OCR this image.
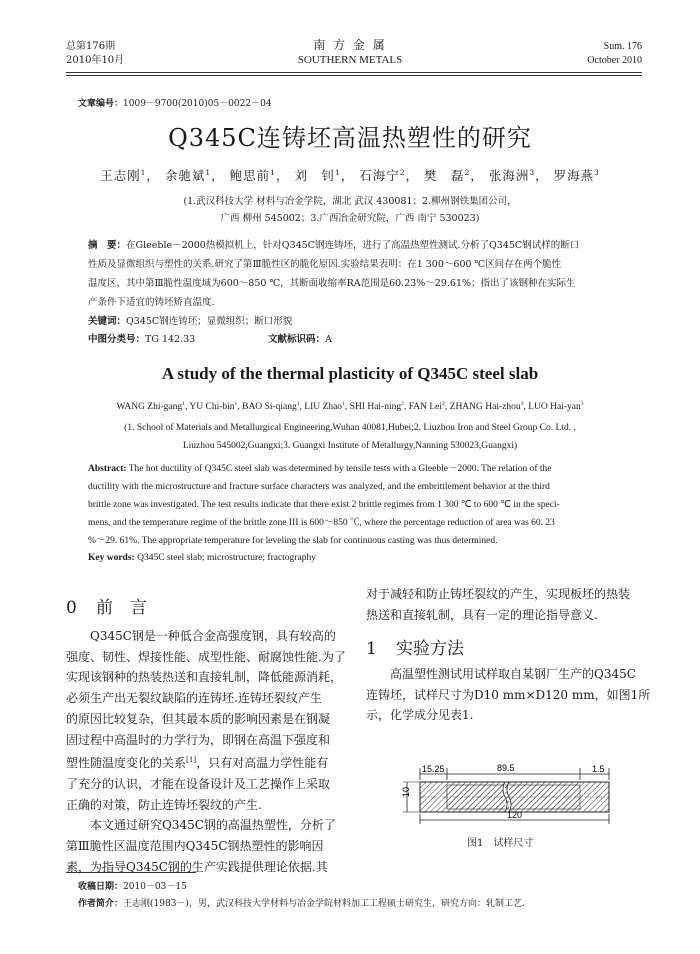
总第176期
2010年10月
南 方 金 属
SOUTHERN METALS
Sum. 176
October 2010
文章编号：1009－9700(2010)05－0022－04
Q345C连铸坯高温热塑性的研究
王志刚$^1$， 余驰斌$^1$， 鲍思前$^1$， 刘　钊$^1$， 石海宁$^2$， 樊　磊$^2$， 张海洲$^3$， 罗海燕$^3$
(1.武汉科技大学 材料与冶金学院，湖北 武汉 430081；2.柳州钢铁集团公司，
广西 柳州 545002；3.广西冶金研究院，广西 南宁 530023)
摘　要：在Gleeble－2000热模拟机上，针对Q345C钢连铸坯，进行了高温热塑性测试.分析了Q345C钢试样的断口
性质及显微组织与塑性的关系.研究了第Ⅲ脆性区的脆化原因.实验结果表明：在1 300～600 ℃区间存在两个脆性
温度区，其中第Ⅲ脆性温度域为600～850 ℃，其断面收缩率RA范围是60.23%～29.61%；指出了该钢种在实际生
产条件下适宜的铸坯矫直温度.
关键词：Q345C钢连铸坯；显微组织；断口形貌
中图分类号：TG 142.33	文献标识码：A
A study of the thermal plasticity of Q345C steel slab
WANG Zhi-gang$^1$, YU Chi-bin$^1$, BAO Si-qiang$^1$, LIU Zhao$^1$, SHI Hai-ning$^2$, FAN Lei$^2$, ZHANG Hai-zhou$^3$, LUO Hai-yan$^3$
(1. School of Materials and Metallurgical Engineering,Wuhan 40081,Hubei;2. Liuzhou Iron and Steel Group Co. Ltd. ,
Liuzhou 545002,Guangxi;3. Guangxi Institute of Metallurgy,Nanning 530023,Guangxi)
Abstract: The hot ductility of Q345C steel slab was determined by tensile tests with a Gleeble－2000. The relation of the
ductility with the microstructure and fracture surface characters was analyzed, and the embrittlement behavior at the third
brittle zone was investigated. The test results indicate that there exist 2 brittle regimes from 1 300 ℃ to 600 ℃ in the speci-
mens, and the temperature regime of the brittle zone III is 600～850 ℃, where the percentage reduction of area was 60. 23
%～29. 61%. The appropriate temperature for leveling the slab for continuous casting was thus determined.
Key words: Q345C steel slab; microstructure; fractography
0 前　言
Q345C钢是一种低合金高强度钢，具有较高的
强度、韧性、焊接性能、成型性能、耐腐蚀性能.为了
实现该钢种的热装热送和直接轧制，降低能源消耗，
必须生产出无裂纹缺陷的连铸坯.连铸坯裂纹产生
的原因比较复杂，但其最本质的影响因素是在钢凝
固过程中高温时的力学行为，即钢在高温下强度和
塑性随温度变化的关系[1]，只有对高温力学性能有
了充分的认识，才能在设备设计及工艺操作上采取
正确的对策，防止连铸坯裂纹的产生.
本文通过研究Q345C钢的高温热塑性，分析了
第Ⅲ脆性区温度范围内Q345C钢热塑性的影响因
素，为指导Q345C钢的生产实践提供理论依据.其
对于减轻和防止铸坯裂纹的产生，实现板坯的热装
热送和直接轧制，具有一定的理论指导意义.
1 实验方法
高温塑性测试用试样取自某钢厂生产的Q345C
连铸坯，试样尺寸为D10 mm×D120 mm，如图1所
示，化学成分见表1.
15.25	89.5	1.5
10
120
图1　试样尺寸
收稿日期：2010－03－15
作者简介：王志刚(1983－)，男，武汉科技大学材料与冶金学院材料加工工程硕士研究生，研究方向：轧制工艺.
